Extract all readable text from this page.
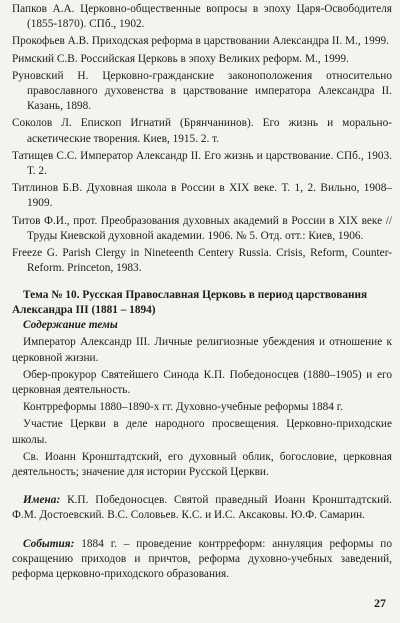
Папков А.А. Церковно-общественные вопросы в эпоху Царя-Освободителя (1855-1870). СПб., 1902.

Прокофьев А.В. Приходская реформа в царствовании Александра II. М., 1999.

Римский С.В. Российская Церковь в эпоху Великих реформ. М., 1999.

Руновский Н. Церковно-гражданские законоположения относительно православного духовенства в царствование императора Александра II. Казань, 1898.

Соколов Л. Епископ Игнатий (Брянчанинов). Его жизнь и морально-аскетические творения. Киев, 1915. 2. т.

Татищев С.С. Император Александр II. Его жизнь и царствование. СПб., 1903. Т. 2.

Титлинов Б.В. Духовная школа в России в XIX веке. Т. 1, 2. Вильно, 1908–1909.

Титов Ф.И., прот. Преобразования духовных академий в России в XIX веке // Труды Киевской духовной академии. 1906. № 5. Отд. отт.: Киев, 1906.

Freeze G. Parish Clergy in Nineteenth Centery Russia. Crisis, Reform, Counter-Reform. Princeton, 1983.

Тема № 10. Русская Православная Церковь в период царствования Александра III (1881 – 1894)
Содержание темы

Император Александр III. Личные религиозные убеждения и отношение к церковной жизни.

Обер-прокурор Святейшего Синода К.П. Победоносцев (1880–1905) и его церковная деятельность.

Контрреформы 1880–1890-х гг. Духовно-учебные реформы 1884 г.

Участие Церкви в деле народного просвещения. Церковно-приходские школы.

Св. Иоанн Кронштадтский, его духовный облик, богословие, церковная деятельность; значение для истории Русской Церкви.

Имена: К.П. Победоносцев. Святой праведный Иоанн Кронштадтский. Ф.М. Достоевский. В.С. Соловьев. К.С. и И.С. Аксаковы. Ю.Ф. Самарин.

События: 1884 г. – проведение контрреформ: аннуляция реформы по сокращению приходов и причтов, реформа духовно-учебных заведений, реформа церковно-приходского образования.

27
